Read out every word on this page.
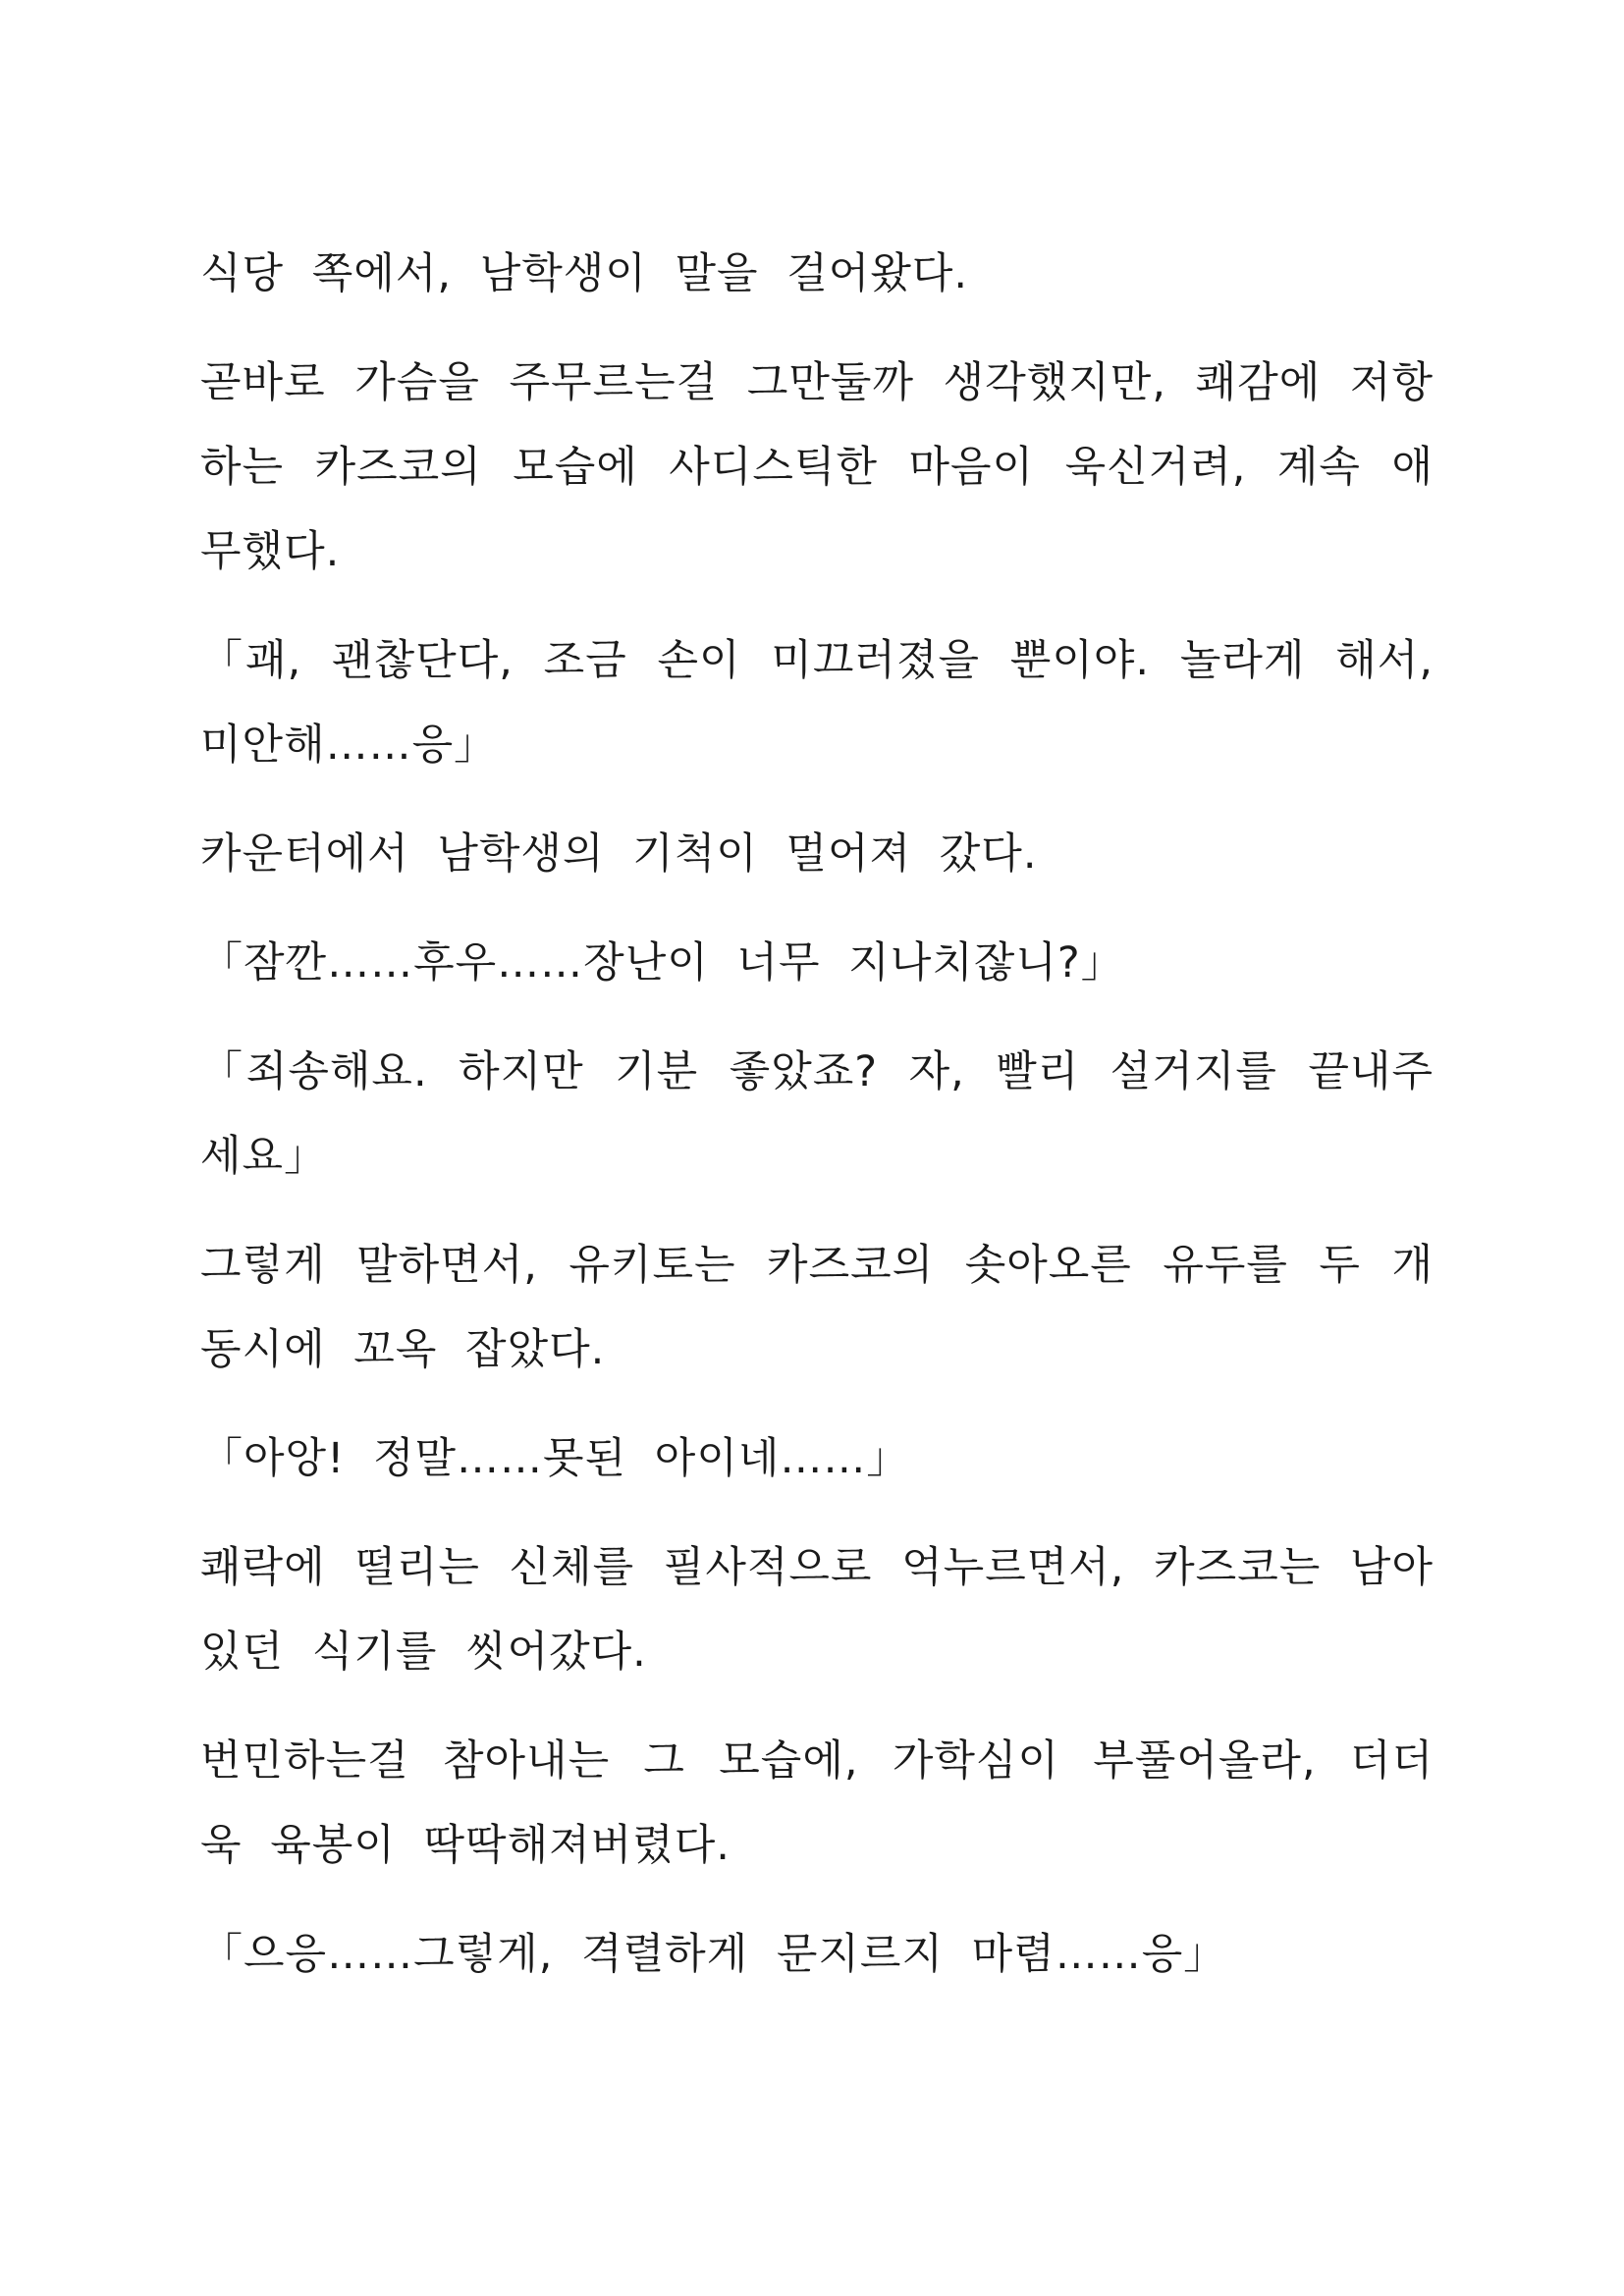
식당 쪽에서, 남학생이 말을 걸어왔다.

곧바로 가슴을 주무르는걸 그만둘까 생각했지만, 쾌감에 저항하는 카즈코의 모습에 사디스틱한 마음이 욱신거려, 계속 애무했다.

「괘, 괜찮단다, 조금 손이 미끄러졌을 뿐이야. 놀라게 해서, 미안해……응」

카운터에서 남학생의 기척이 멀어져 갔다.

「잠깐……후우……장난이 너무 지나치잖니?」

「죄송해요. 하지만 기분 좋았죠? 자, 빨리 설거지를 끝내주세요」

그렇게 말하면서, 유키토는 카즈코의 솟아오른 유두를 두 개 동시에 꼬옥 잡았다.

「아앙! 정말……못된 아이네……」

쾌락에 떨리는 신체를 필사적으로 억누르면서, 카즈코는 남아있던 식기를 씻어갔다.

번민하는걸 참아내는 그 모습에, 가학심이 부풀어올라, 더더욱 육봉이 딱딱해져버렸다.

「으응……그렇게, 격렬하게 문지르지 마렴……응」
